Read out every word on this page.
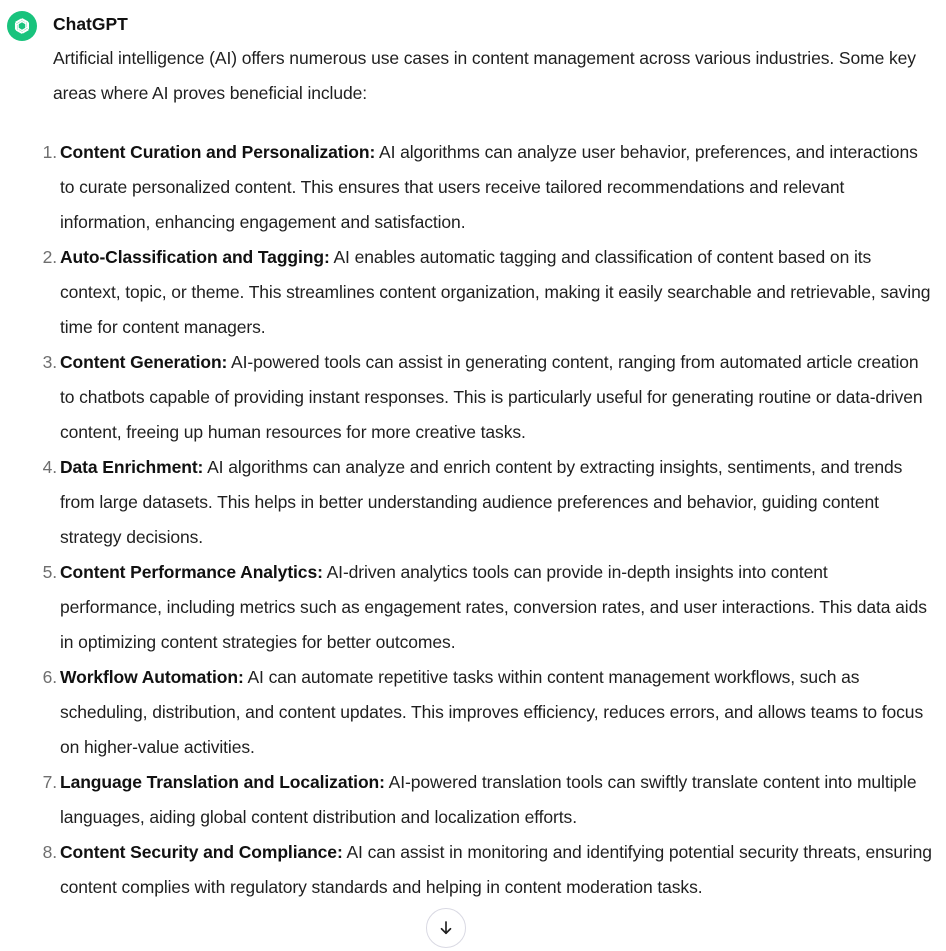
ChatGPT

Artificial intelligence (AI) offers numerous use cases in content management across various industries. Some key areas where AI proves beneficial include:

1. Content Curation and Personalization: AI algorithms can analyze user behavior, preferences, and interactions to curate personalized content. This ensures that users receive tailored recommendations and relevant information, enhancing engagement and satisfaction.
2. Auto-Classification and Tagging: AI enables automatic tagging and classification of content based on its context, topic, or theme. This streamlines content organization, making it easily searchable and retrievable, saving time for content managers.
3. Content Generation: AI-powered tools can assist in generating content, ranging from automated article creation to chatbots capable of providing instant responses. This is particularly useful for generating routine or data-driven content, freeing up human resources for more creative tasks.
4. Data Enrichment: AI algorithms can analyze and enrich content by extracting insights, sentiments, and trends from large datasets. This helps in better understanding audience preferences and behavior, guiding content strategy decisions.
5. Content Performance Analytics: AI-driven analytics tools can provide in-depth insights into content performance, including metrics such as engagement rates, conversion rates, and user interactions. This data aids in optimizing content strategies for better outcomes.
6. Workflow Automation: AI can automate repetitive tasks within content management workflows, such as scheduling, distribution, and content updates. This improves efficiency, reduces errors, and allows teams to focus on higher-value activities.
7. Language Translation and Localization: AI-powered translation tools can swiftly translate content into multiple languages, aiding global content distribution and localization efforts.
8. Content Security and Compliance: AI can assist in monitoring and identifying potential security threats, ensuring content complies with regulatory standards and helping in content moderation tasks.
